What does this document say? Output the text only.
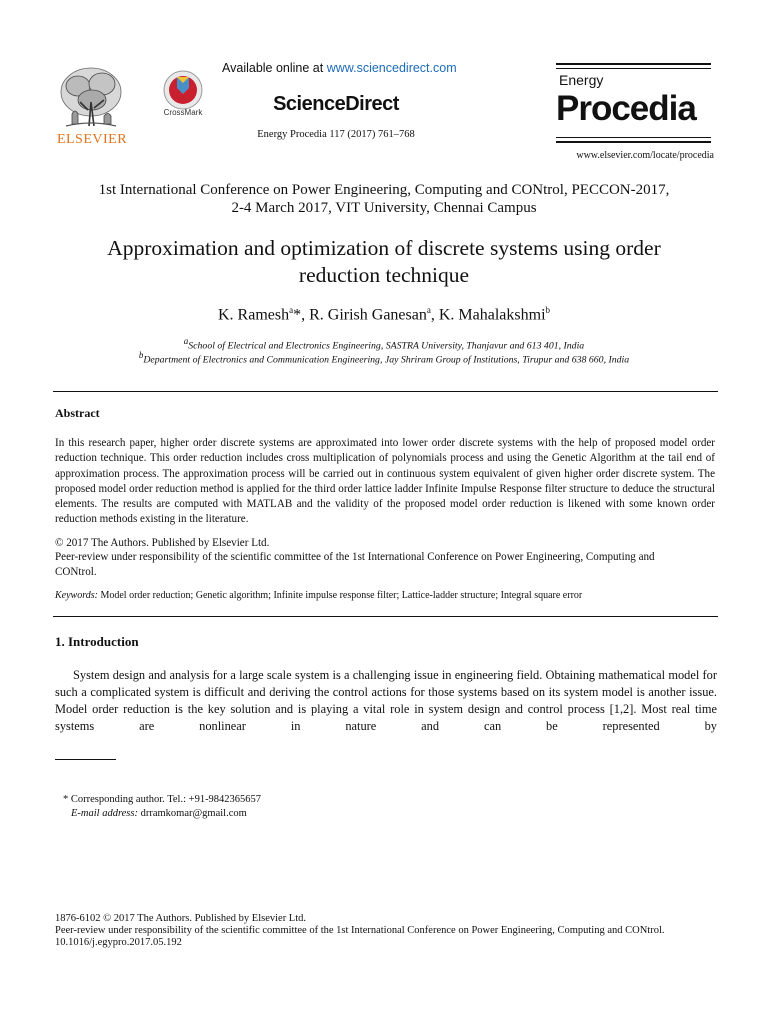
ELSEVIER
CrossMark
Available online at www.sciencedirect.com
ScienceDirect
Energy Procedia 117 (2017) 761–768
Energy
Procedia
www.elsevier.com/locate/procedia
1st International Conference on Power Engineering, Computing and CONtrol, PECCON-2017,
2-4 March 2017, VIT University, Chennai Campus
Approximation and optimization of discrete systems using order
reduction technique
K. Ramesh$^a$*, R. Girish Ganesan$^a$, K. Mahalakshmi$^b$
$^a$School of Electrical and Electronics Engineering, SASTRA University, Thanjavur and 613 401, India
$^b$Department of Electronics and Communication Engineering, Jay Shriram Group of Institutions, Tirupur and 638 660, India
Abstract
In this research paper, higher order discrete systems are approximated into lower order discrete systems with the help of proposed model order reduction technique. This order reduction includes cross multiplication of polynomials process and using the Genetic Algorithm at the tail end of approximation process. The approximation process will be carried out in continuous system equivalent of given higher order discrete system. The proposed model order reduction method is applied for the third order lattice ladder Infinite Impulse Response filter structure to deduce the structural elements. The results are computed with MATLAB and the validity of the proposed model order reduction is likened with some known order reduction methods existing in the literature.
© 2017 The Authors. Published by Elsevier Ltd.
Peer-review under responsibility of the scientific committee of the 1st International Conference on Power Engineering, Computing and CONtrol.
Keywords: Model order reduction; Genetic algorithm; Infinite impulse response filter; Lattice-ladder structure; Integral square error
1. Introduction
System design and analysis for a large scale system is a challenging issue in engineering field. Obtaining mathematical model for such a complicated system is difficult and deriving the control actions for those systems based on its system model is another issue. Model order reduction is the key solution and is playing a vital role in system design and control process [1,2]. Most real time systems are nonlinear in nature and can be represented by
* Corresponding author. Tel.: +91-9842365657
E-mail address: drramkomar@gmail.com
1876-6102 © 2017 The Authors. Published by Elsevier Ltd.
Peer-review under responsibility of the scientific committee of the 1st International Conference on Power Engineering, Computing and CONtrol.
10.1016/j.egypro.2017.05.192
